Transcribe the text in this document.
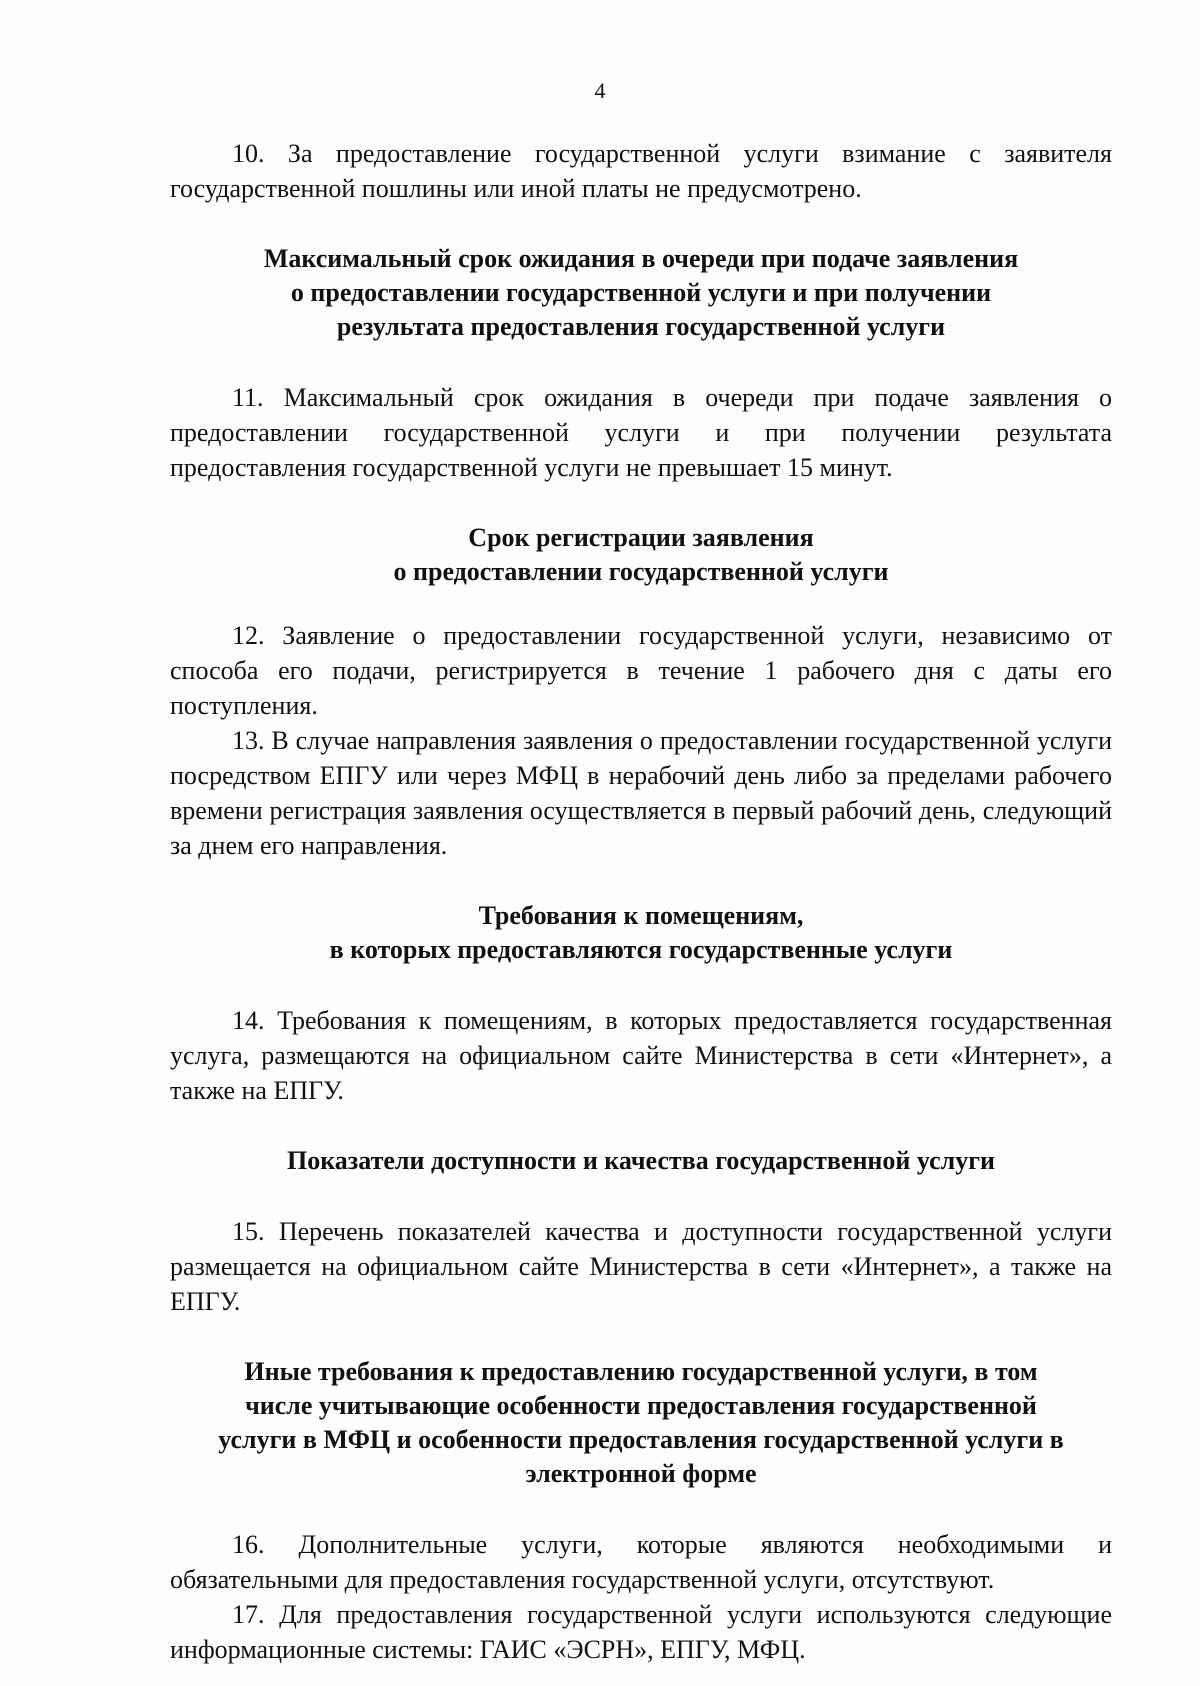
4

10. За предоставление государственной услуги взимание с заявителя государственной пошлины или иной платы не предусмотрено.

Максимальный срок ожидания в очереди при подаче заявления
о предоставлении государственной услуги и при получении
результата предоставления государственной услуги

11. Максимальный срок ожидания в очереди при подаче заявления о предоставлении государственной услуги и при получении результата предоставления государственной услуги не превышает 15 минут.

Срок регистрации заявления
о предоставлении государственной услуги

12. Заявление о предоставлении государственной услуги, независимо от способа его подачи, регистрируется в течение 1 рабочего дня с даты его поступления.

13. В случае направления заявления о предоставлении государственной услуги посредством ЕПГУ или через МФЦ в нерабочий день либо за пределами рабочего времени регистрация заявления осуществляется в первый рабочий день, следующий за днем его направления.

Требования к помещениям,
в которых предоставляются государственные услуги

14. Требования к помещениям, в которых предоставляется государственная услуга, размещаются на официальном сайте Министерства в сети «Интернет», а также на ЕПГУ.

Показатели доступности и качества государственной услуги

15. Перечень показателей качества и доступности государственной услуги размещается на официальном сайте Министерства в сети «Интернет», а также на ЕПГУ.

Иные требования к предоставлению государственной услуги, в том
числе учитывающие особенности предоставления государственной
услуги в МФЦ и особенности предоставления государственной услуги в
электронной форме

16. Дополнительные услуги, которые являются необходимыми и обязательными для предоставления государственной услуги, отсутствуют.

17. Для предоставления государственной услуги используются следующие информационные системы: ГАИС «ЭСРН», ЕПГУ, МФЦ.
